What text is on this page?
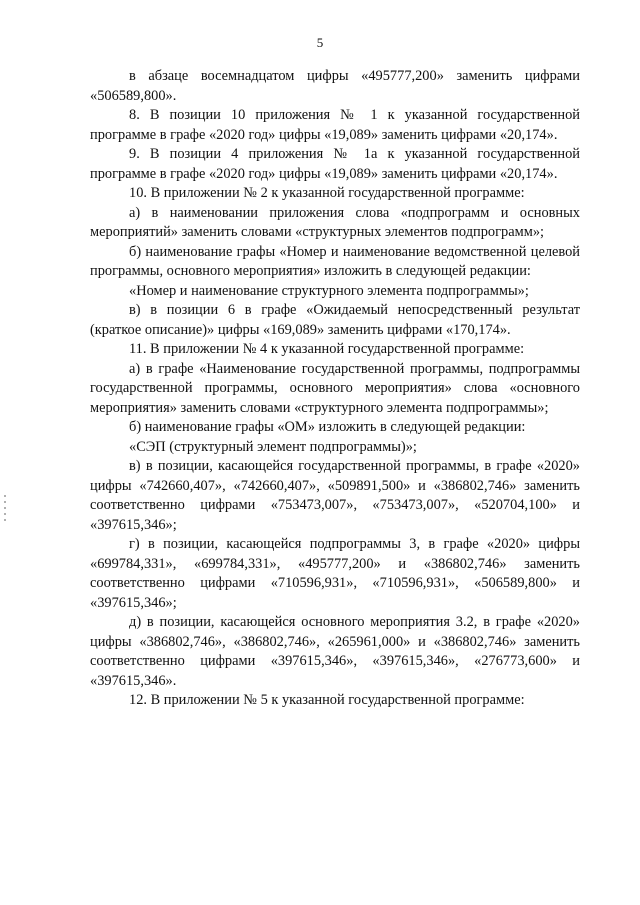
5

в абзаце восемнадцатом цифры «495777,200» заменить цифрами «506589,800».

8. В позиции 10 приложения № 1 к указанной государственной программе в графе «2020 год» цифры «19,089» заменить цифрами «20,174».

9. В позиции 4 приложения № 1а к указанной государственной программе в графе «2020 год» цифры «19,089» заменить цифрами «20,174».

10. В приложении № 2 к указанной государственной программе:

а) в наименовании приложения слова «подпрограмм и основных мероприятий» заменить словами «структурных элементов подпрограмм»;

б) наименование графы «Номер и наименование ведомственной целевой программы, основного мероприятия» изложить в следующей редакции:

«Номер и наименование структурного элемента подпрограммы»;

в) в позиции 6 в графе «Ожидаемый непосредственный результат (краткое описание)» цифры «169,089» заменить цифрами «170,174».

11. В приложении № 4 к указанной государственной программе:

а) в графе «Наименование государственной программы, подпрограммы государственной программы, основного мероприятия» слова «основного мероприятия» заменить словами «структурного элемента подпрограммы»;

б) наименование графы «ОМ» изложить в следующей редакции:

«СЭП (структурный элемент подпрограммы)»;

в) в позиции, касающейся государственной программы, в графе «2020» цифры «742660,407», «742660,407», «509891,500» и «386802,746» заменить соответственно цифрами «753473,007», «753473,007», «520704,100» и «397615,346»;

г) в позиции, касающейся подпрограммы 3, в графе «2020» цифры «699784,331», «699784,331», «495777,200» и «386802,746» заменить соответственно цифрами «710596,931», «710596,931», «506589,800» и «397615,346»;

д) в позиции, касающейся основного мероприятия 3.2, в графе «2020» цифры «386802,746», «386802,746», «265961,000» и «386802,746» заменить соответственно цифрами «397615,346», «397615,346», «276773,600» и «397615,346».

12. В приложении № 5 к указанной государственной программе:
